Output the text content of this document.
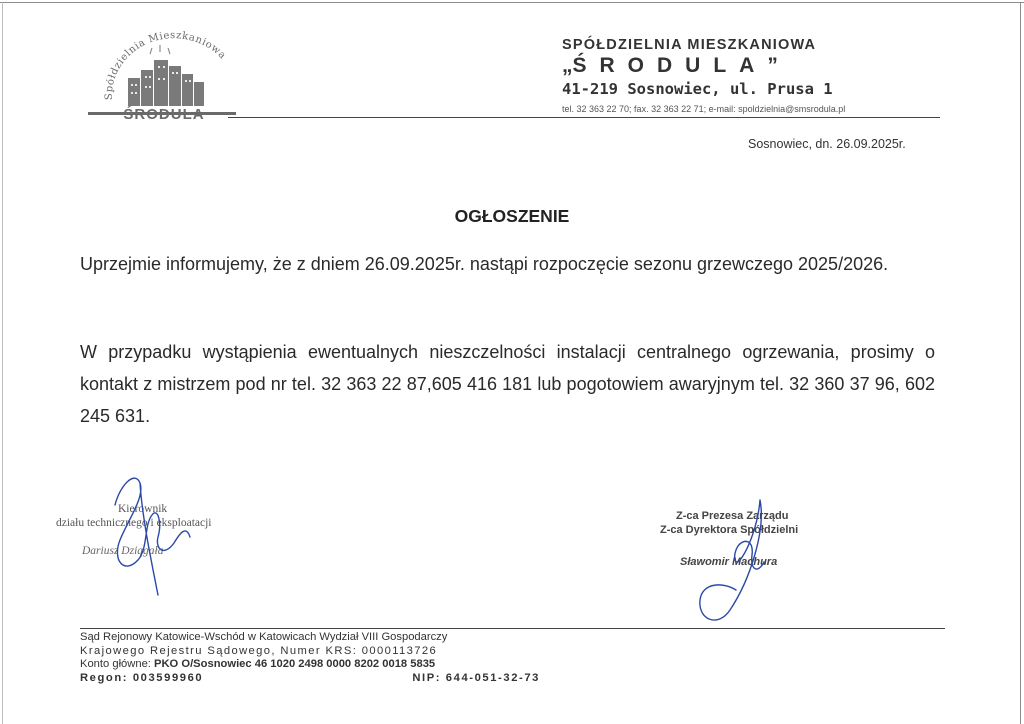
Spółdzielnia Mieszkaniowa
ŚRODULA
SPÓŁDZIELNIA MIESZKANIOWA
„ŚRODULA”
41-219 Sosnowiec, ul. Prusa 1
tel. 32 363 22 70; fax. 32 363 22 71; e-mail: spoldzielnia@smsrodula.pl
Sosnowiec, dn. 26.09.2025r.
OGŁOSZENIE
Uprzejmie informujemy, że z dniem 26.09.2025r. nastąpi rozpoczęcie sezonu grzewczego 2025/2026.
W przypadku wystąpienia ewentualnych nieszczelności instalacji centralnego ogrzewania, prosimy o kontakt z mistrzem pod nr tel. 32 363 22 87,605 416 181 lub pogotowiem awaryjnym tel. 32 360 37 96, 602 245 631.
Kierownik
działu technicznego i eksploatacji
Dariusz Dziągała
Z-ca Prezesa Zarządu
Z-ca Dyrektora Spółdzielni
Sławomir Machura
Sąd Rejonowy Katowice-Wschód w Katowicach Wydział VIII Gospodarczy
Krajowego Rejestru Sądowego, Numer KRS: 0000113726
Konto główne: PKO O/Sosnowiec 46 1020 2498 0000 8202 0018 5835
Regon: 003599960	NIP: 644-051-32-73
